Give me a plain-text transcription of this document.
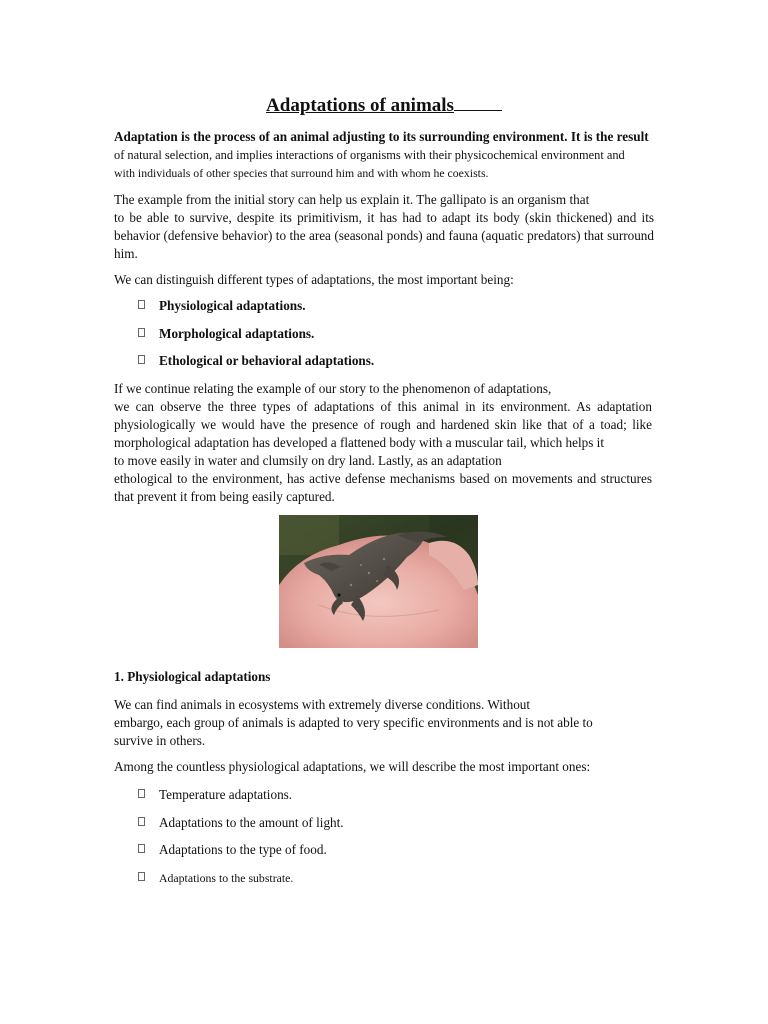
Adaptations of animals

Adaptation is the process of an animal adjusting to its surrounding environment. It is the result

of natural selection, and implies interactions of organisms with their physicochemical environment and

with individuals of other species that surround him and with whom he coexists.

The example from the initial story can help us explain it. The gallipato is an organism that

to be able to survive, despite its primitivism, it has had to adapt its body (skin thickened) and its behavior (defensive behavior) to the area (seasonal ponds) and fauna (aquatic predators) that surround him.

We can distinguish different types of adaptations, the most important being:

Physiological adaptations.
Morphological adaptations.
Ethological or behavioral adaptations.

If we continue relating the example of our story to the phenomenon of adaptations,

we can observe the three types of adaptations of this animal in its environment. As adaptation physiologically we would have the presence of rough and hardened skin like that of a toad; like morphological adaptation has developed a flattened body with a muscular tail, which helps it

to move easily in water and clumsily on dry land. Lastly, as an adaptation

ethological to the environment, has active defense mechanisms based on movements and structures that prevent it from being easily captured.

1. Physiological adaptations

We can find animals in ecosystems with extremely diverse conditions. Without

embargo, each group of animals is adapted to very specific environments and is not able to survive in others.

Among the countless physiological adaptations, we will describe the most important ones:

Temperature adaptations.
Adaptations to the amount of light.
Adaptations to the type of food.
Adaptations to the substrate.
